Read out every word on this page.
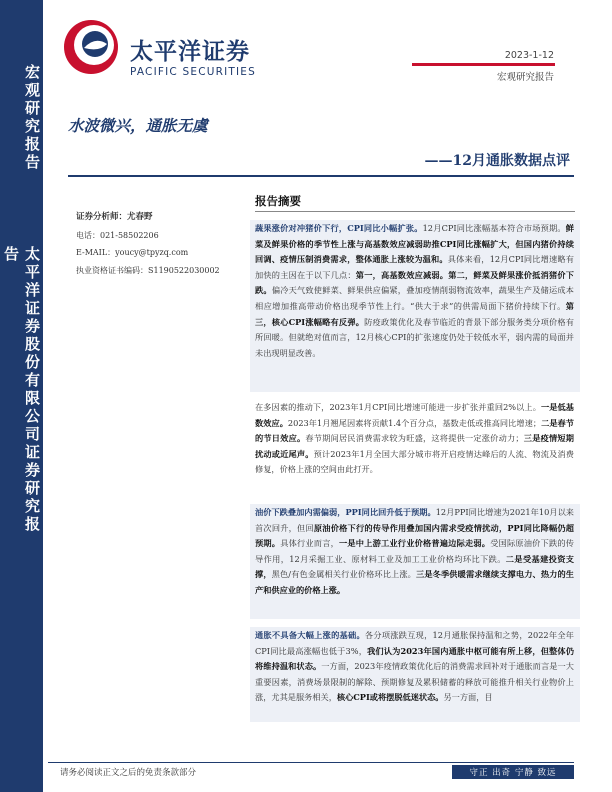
宏观研究报告
太平洋证券股份有限公司证券研究报告
太平洋证券
PACIFIC SECURITIES
2023-1-12
宏观研究报告
水波微兴，通胀无虞
——12月通胀数据点评
证券分析师：尤春野
电话：021-58502206
E-MAIL：youcy@tpyzq.com
执业资格证书编码：S1190522030002
报告摘要
蔬果涨价对冲猪价下行，CPI同比小幅扩张。12月CPI同比涨幅基本符合市场预期。鲜菜及鲜果价格的季节性上涨与高基数效应减弱助推CPI同比涨幅扩大，但国内猪价持续回调、疫情压制消费需求，整体通胀上涨较为温和。具体来看，12月CPI同比增速略有加快的主因在于以下几点：第一，高基数效应减弱。第二，鲜菜及鲜果涨价抵消猪价下跌。偏冷天气致使鲜菜、鲜果供应偏紧，叠加疫情削弱物流效率，蔬果生产及储运成本相应增加推高带动价格出现季节性上行。“供大于求”的供需局面下猪价持续下行。第三，核心CPI涨幅略有反弹。防疫政策优化及春节临近的背景下部分服务类分项价格有所回暖。但就绝对值而言，12月核心CPI的扩张速度仍处于较低水平，弱内需的局面并未出现明显改善。
在多因素的推动下，2023年1月CPI同比增速可能进一步扩张并重回2%以上。一是低基数效应。2023年1月翘尾因素将贡献1.4个百分点，基数走低或推高同比增速；二是春节的节日效应。春节期间居民消费需求较为旺盛，这将提供一定涨价动力；三是疫情短期扰动或近尾声。预计2023年1月全国大部分城市将开启疫情达峰后的人流、物流及消费修复，价格上涨的空间由此打开。
油价下跌叠加内需偏弱，PPI同比回升低于预期。12月PPI同比增速为2021年10月以来首次回升，但回原油价格下行的传导作用叠加国内需求受疫情扰动，PPI同比降幅仍超预期。具体行业而言，一是中上游工业行业价格普遍边际走弱。受国际原油价下跌的传导作用，12月采掘工业、原材料工业及加工工业价格均环比下跌。二是受基建投资支撑，黑色/有色金属相关行业价格环比上涨。三是冬季供暖需求继续支撑电力、热力的生产和供应业的价格上涨。
通胀不具备大幅上涨的基础。各分项涨跌互现，12月通胀保持温和之势，2022年全年CPI同比最高涨幅也低于3%，我们认为2023年国内通胀中枢可能有所上移，但整体仍将维持温和状态。一方面，2023年疫情政策优化后的消费需求回补对于通胀而言是一大重要因素，消费场景限制的解除、预期修复及累积储蓄的释放可能推升相关行业物价上涨，尤其是服务相关，核心CPI或将摆脱低迷状态。另一方面，目
请务必阅读正文之后的免责条款部分	守正 出奇 宁静 致远
